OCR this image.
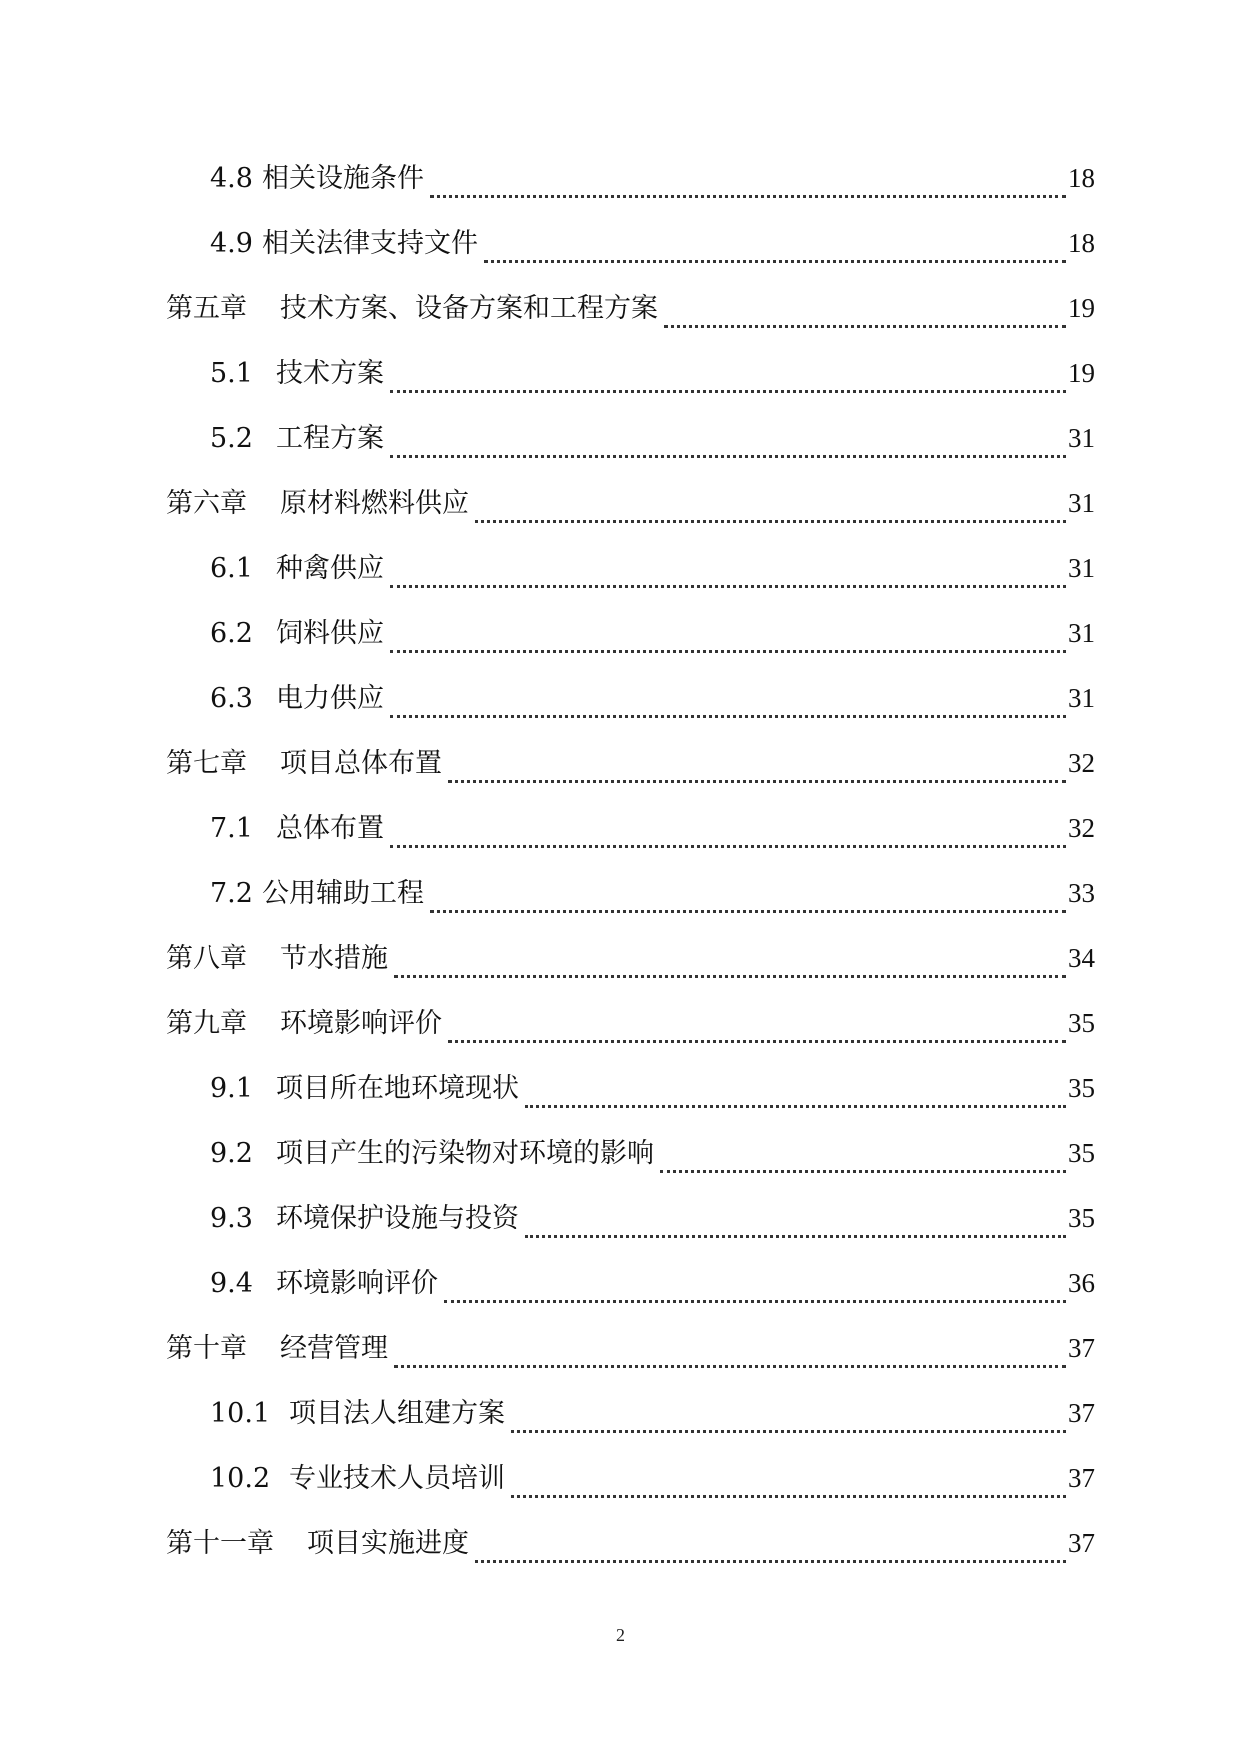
4.8 相关设施条件	18
4.9 相关法律支持文件	18
第五章 技术方案、设备方案和工程方案	19
5.1 技术方案	19
5.2 工程方案	31
第六章 原材料燃料供应	31
6.1 种禽供应	31
6.2 饲料供应	31
6.3 电力供应	31
第七章 项目总体布置	32
7.1 总体布置	32
7.2 公用辅助工程	33
第八章 节水措施	34
第九章 环境影响评价	35
9.1 项目所在地环境现状	35
9.2 项目产生的污染物对环境的影响	35
9.3 环境保护设施与投资	35
9.4 环境影响评价	36
第十章 经营管理	37
10.1 项目法人组建方案	37
10.2 专业技术人员培训	37
第十一章 项目实施进度	37
2
